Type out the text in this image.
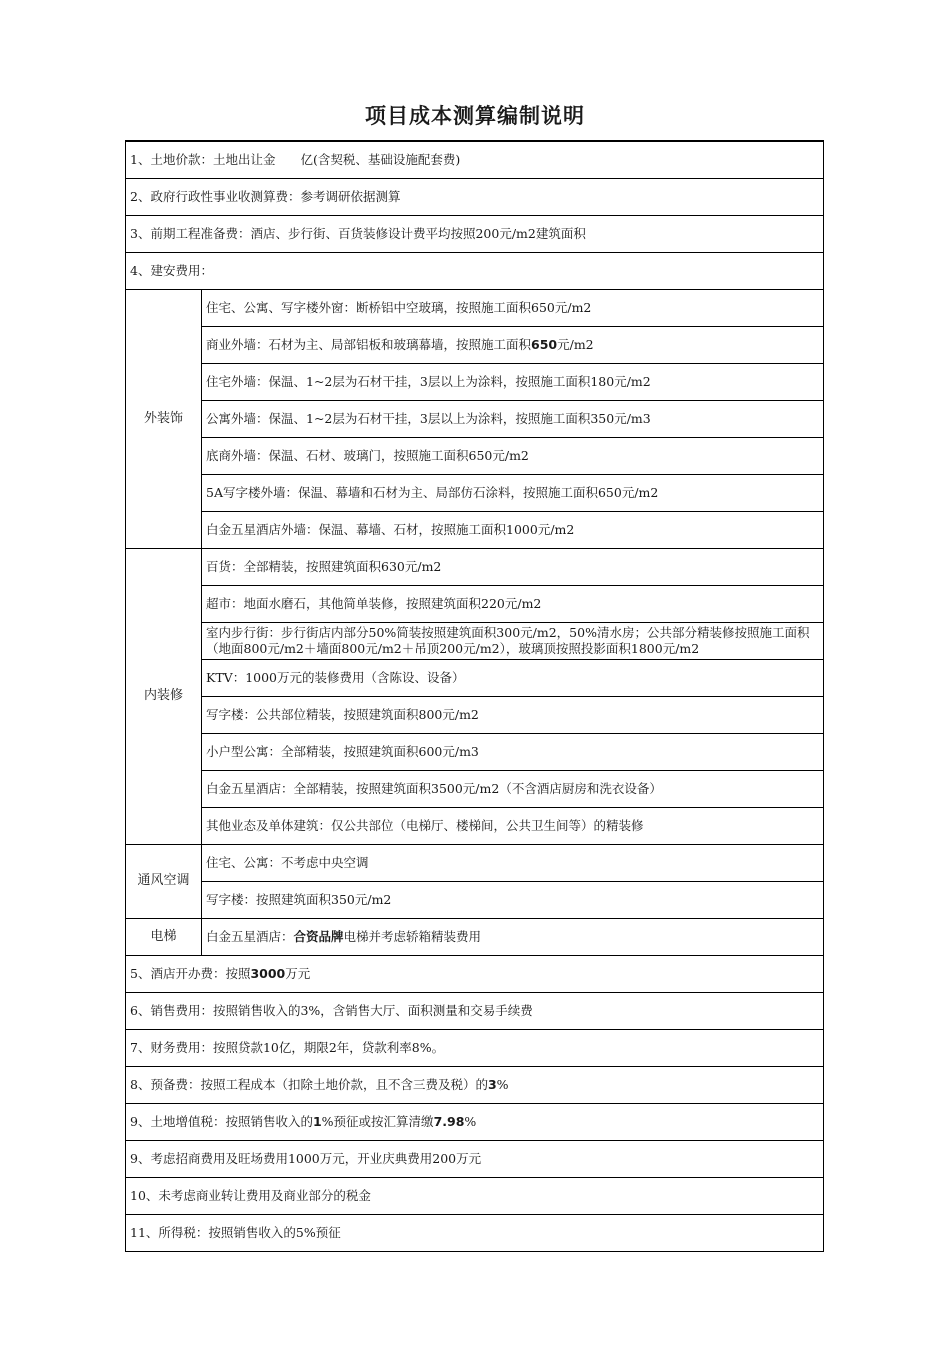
项目成本测算编制说明
1、土地价款：土地出让金　　亿(含契税、基础设施配套费)	
2、政府行政性事业收测算费：参考调研依据测算	
3、前期工程准备费：酒店、步行街、百货装修设计费平均按照200元/m2建筑面积	
4、建安费用：	
外装饰	住宅、公寓、写字楼外窗：断桥铝中空玻璃，按照施工面积650元/m2
	商业外墙：石材为主、局部铝板和玻璃幕墙，按照施工面积650元/m2
	住宅外墙：保温、1~2层为石材干挂，3层以上为涂料，按照施工面积180元/m2
	公寓外墙：保温、1~2层为石材干挂，3层以上为涂料，按照施工面积350元/m3
	底商外墙：保温、石材、玻璃门，按照施工面积650元/m2
	5A写字楼外墙：保温、幕墙和石材为主、局部仿石涂料，按照施工面积650元/m2
	白金五星酒店外墙：保温、幕墙、石材，按照施工面积1000元/m2
内装修	百货：全部精装，按照建筑面积630元/m2
	超市：地面水磨石，其他简单装修，按照建筑面积220元/m2
	室内步行街：步行街店内部分50%简装按照建筑面积300元/m2，50%清水房；公共部分精装修按照施工面积（地面800元/m2＋墙面800元/m2＋吊顶200元/m2），玻璃顶按照投影面积1800元/m2
	KTV：1000万元的装修费用（含陈设、设备）
	写字楼：公共部位精装，按照建筑面积800元/m2
	小户型公寓：全部精装，按照建筑面积600元/m3
	白金五星酒店：全部精装，按照建筑面积3500元/m2（不含酒店厨房和洗衣设备）
	其他业态及单体建筑：仅公共部位（电梯厅、楼梯间，公共卫生间等）的精装修
通风空调	住宅、公寓：不考虑中央空调
	写字楼：按照建筑面积350元/m2
电梯	白金五星酒店：合资品牌电梯并考虑轿箱精装费用
5、酒店开办费：按照3000万元	
6、销售费用：按照销售收入的3%，含销售大厅、面积测量和交易手续费	
7、财务费用：按照贷款10亿，期限2年，贷款利率8%。	
8、预备费：按照工程成本（扣除土地价款，且不含三费及税）的3%	
9、土地增值税：按照销售收入的1%预征或按汇算清缴7.98%	
9、考虑招商费用及旺场费用1000万元，开业庆典费用200万元	
10、未考虑商业转让费用及商业部分的税金	
11、所得税：按照销售收入的5%预征	
